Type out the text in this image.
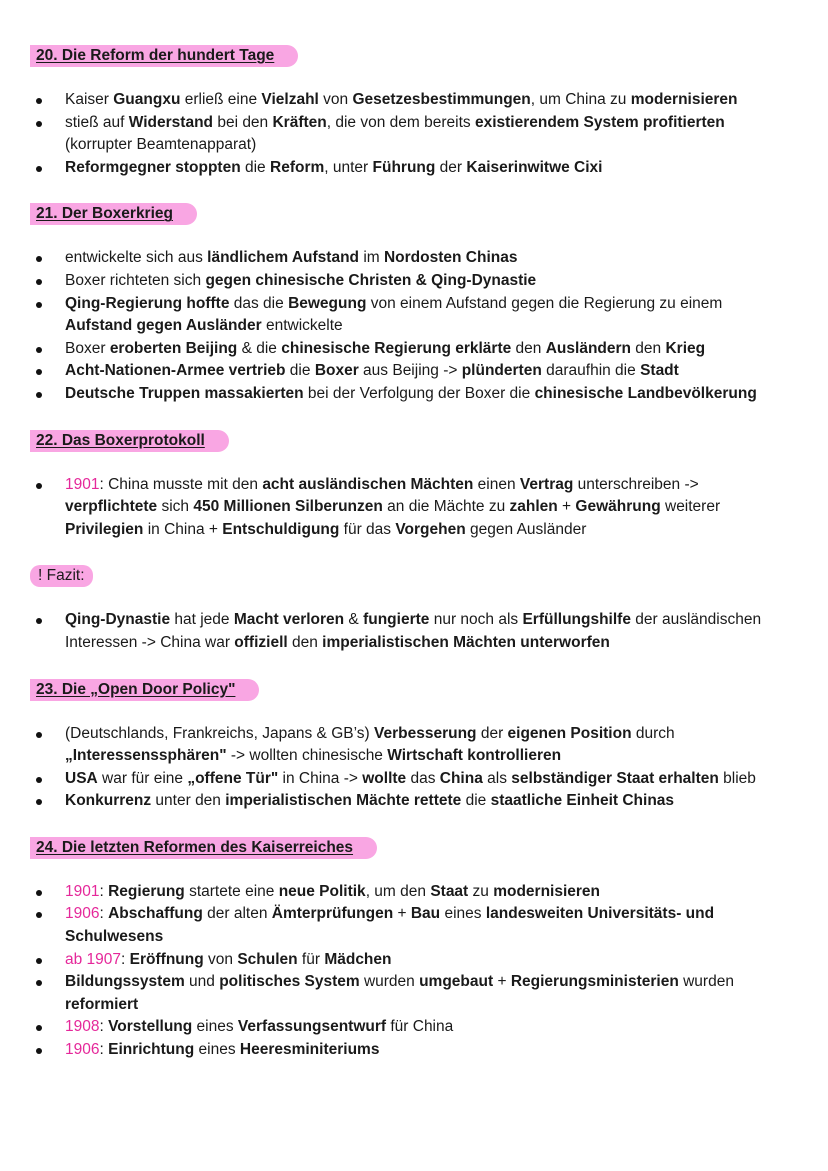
20. Die Reform der hundert Tage
Kaiser Guangxu erließ eine Vielzahl von Gesetzesbestimmungen, um China zu modernisieren
stieß auf Widerstand bei den Kräften, die von dem bereits existierendem System profitierten (korrupter Beamtenapparat)
Reformgegner stoppten die Reform, unter Führung der Kaiserinwitwe Cixi
21. Der Boxerkrieg
entwickelte sich aus ländlichem Aufstand im Nordosten Chinas
Boxer richteten sich gegen chinesische Christen & Qing-Dynastie
Qing-Regierung hoffte das die Bewegung von einem Aufstand gegen die Regierung zu einem Aufstand gegen Ausländer entwickelte
Boxer eroberten Beijing & die chinesische Regierung erklärte den Ausländern den Krieg
Acht-Nationen-Armee vertrieb die Boxer aus Beijing -> plünderten daraufhin die Stadt
Deutsche Truppen massakierten bei der Verfolgung der Boxer die chinesische Landbevölkerung
22. Das Boxerprotokoll
1901: China musste mit den acht ausländischen Mächten einen Vertrag unterschreiben -> verpflichtete sich 450 Millionen Silberunzen an die Mächte zu zahlen + Gewährung weiterer Privilegien in China + Entschuldigung für das Vorgehen gegen Ausländer
! Fazit:
Qing-Dynastie hat jede Macht verloren & fungierte nur noch als Erfüllungshilfe der ausländischen Interessen -> China war offiziell den imperialistischen Mächten unterworfen
23. Die „Open Door Policy"
(Deutschlands, Frankreichs, Japans & GB’s) Verbesserung der eigenen Position durch „Interessenssphären" -> wollten chinesische Wirtschaft kontrollieren
USA war für eine „offene Tür" in China -> wollte das China als selbständiger Staat erhalten blieb
Konkurrenz unter den imperialistischen Mächte rettete die staatliche Einheit Chinas
24. Die letzten Reformen des Kaiserreiches
1901: Regierung startete eine neue Politik, um den Staat zu modernisieren
1906: Abschaffung der alten Ämterprüfungen + Bau eines landesweiten Universitäts- und Schulwesens
ab 1907: Eröffnung von Schulen für Mädchen
Bildungssystem und politisches System wurden umgebaut + Regierungsministerien wurden reformiert
1908: Vorstellung eines Verfassungsentwurf für China
1906: Einrichtung eines Heeresminiteriums
